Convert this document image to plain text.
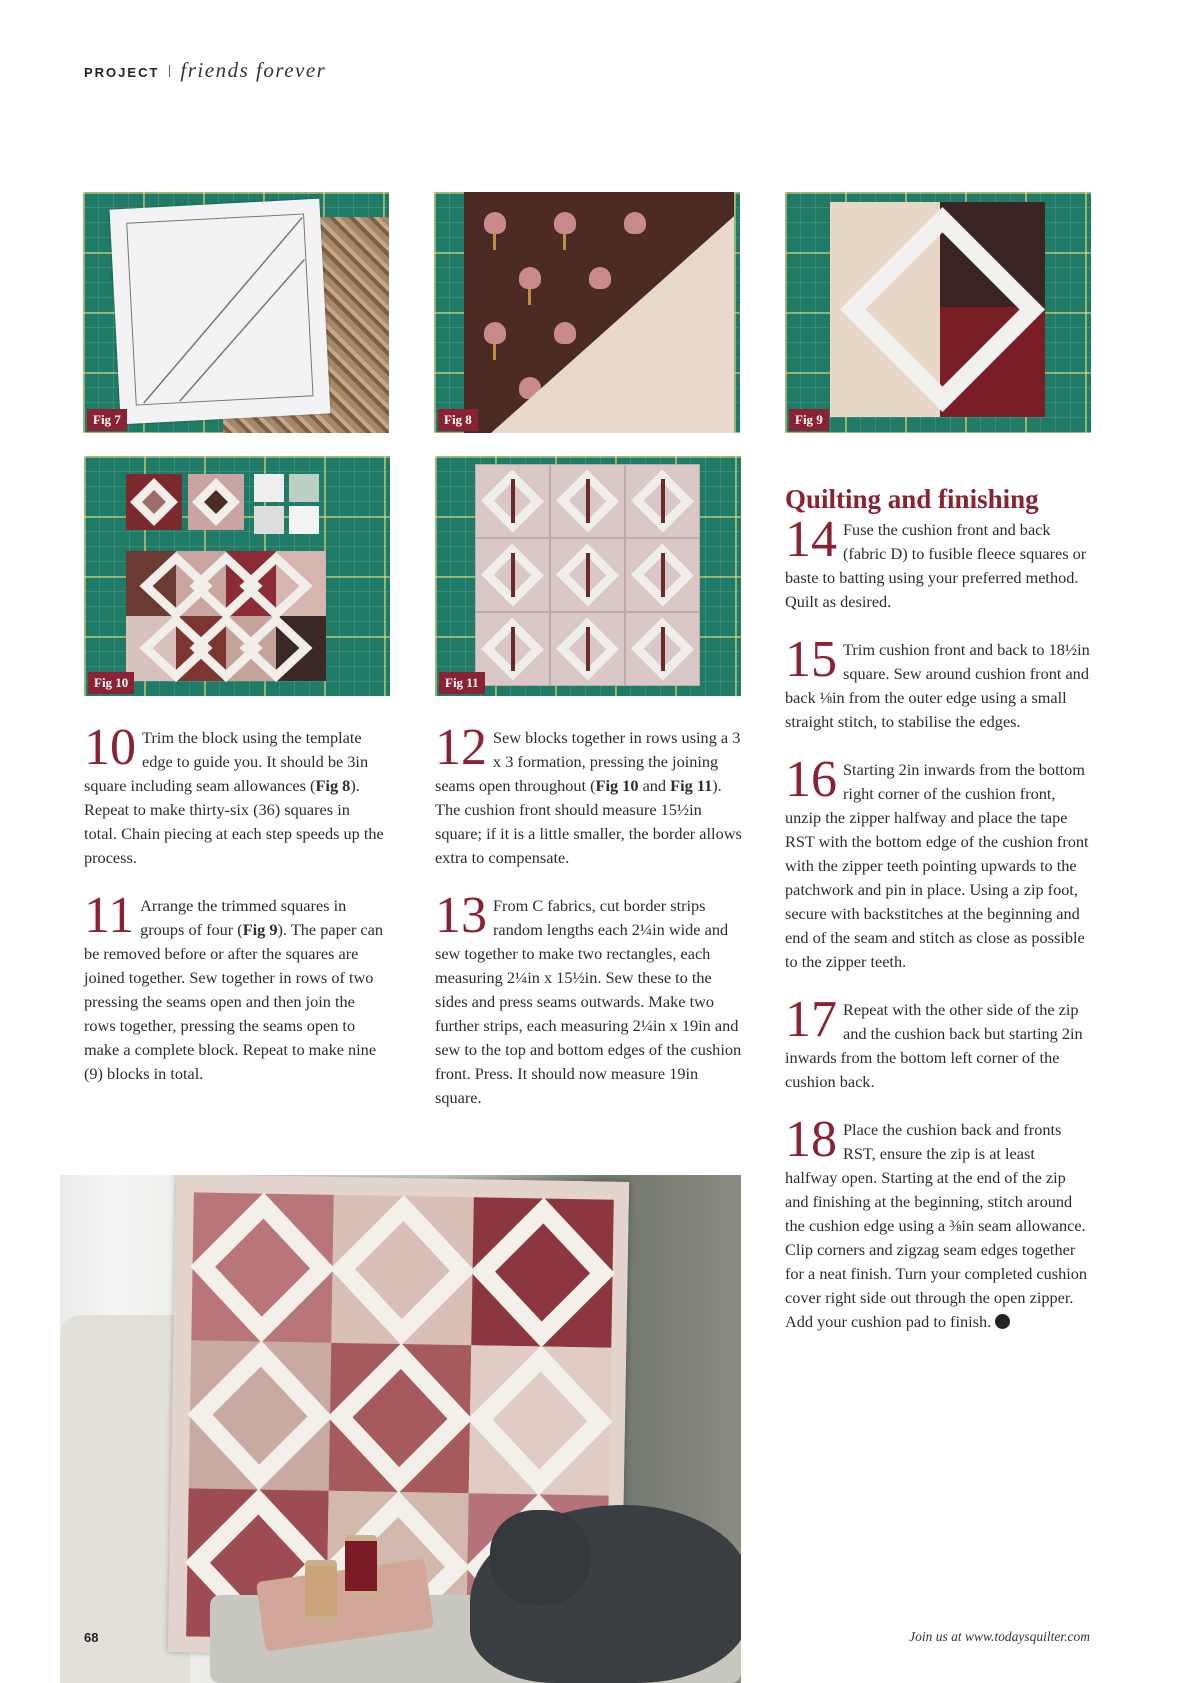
PROJECT friends forever
Fig 7	Fig 8	Fig 9
Fig 10	Fig 11
10 Trim the block using the template edge to guide you. It should be 3in square including seam allowances (Fig 8). Repeat to make thirty-six (36) squares in total. Chain piecing at each step speeds up the process.

11 Arrange the trimmed squares in groups of four (Fig 9). The paper can be removed before or after the squares are joined together. Sew together in rows of two pressing the seams open and then join the rows together, pressing the seams open to make a complete block. Repeat to make nine (9) blocks in total.

12 Sew blocks together in rows using a 3 x 3 formation, pressing the joining seams open throughout (Fig 10 and Fig 11). The cushion front should measure 15½in square; if it is a little smaller, the border allows extra to compensate.

13 From C fabrics, cut border strips random lengths each 2¼in wide and sew together to make two rectangles, each measuring 2¼in x 15½in. Sew these to the sides and press seams outwards. Make two further strips, each measuring 2¼in x 19in and sew to the top and bottom edges of the cushion front. Press. It should now measure 19in square.

Quilting and finishing
14 Fuse the cushion front and back (fabric D) to fusible fleece squares or baste to batting using your preferred method. Quilt as desired.

15 Trim cushion front and back to 18½in square. Sew around cushion front and back ⅛in from the outer edge using a small straight stitch, to stabilise the edges.

16 Starting 2in inwards from the bottom right corner of the cushion front, unzip the zipper halfway and place the tape RST with the bottom edge of the cushion front with the zipper teeth pointing upwards to the patchwork and pin in place. Using a zip foot, secure with backstitches at the beginning and end of the seam and stitch as close as possible to the zipper teeth.

17 Repeat with the other side of the zip and the cushion back but starting 2in inwards from the bottom left corner of the cushion back.

18 Place the cushion back and fronts RST, ensure the zip is at least halfway open. Starting at the end of the zip and finishing at the beginning, stitch around the cushion edge using a ⅜in seam allowance. Clip corners and zigzag seam edges together for a neat finish. Turn your completed cushion cover right side out through the open zipper. Add your cushion pad to finish.

68	Join us at www.todaysquilter.com
